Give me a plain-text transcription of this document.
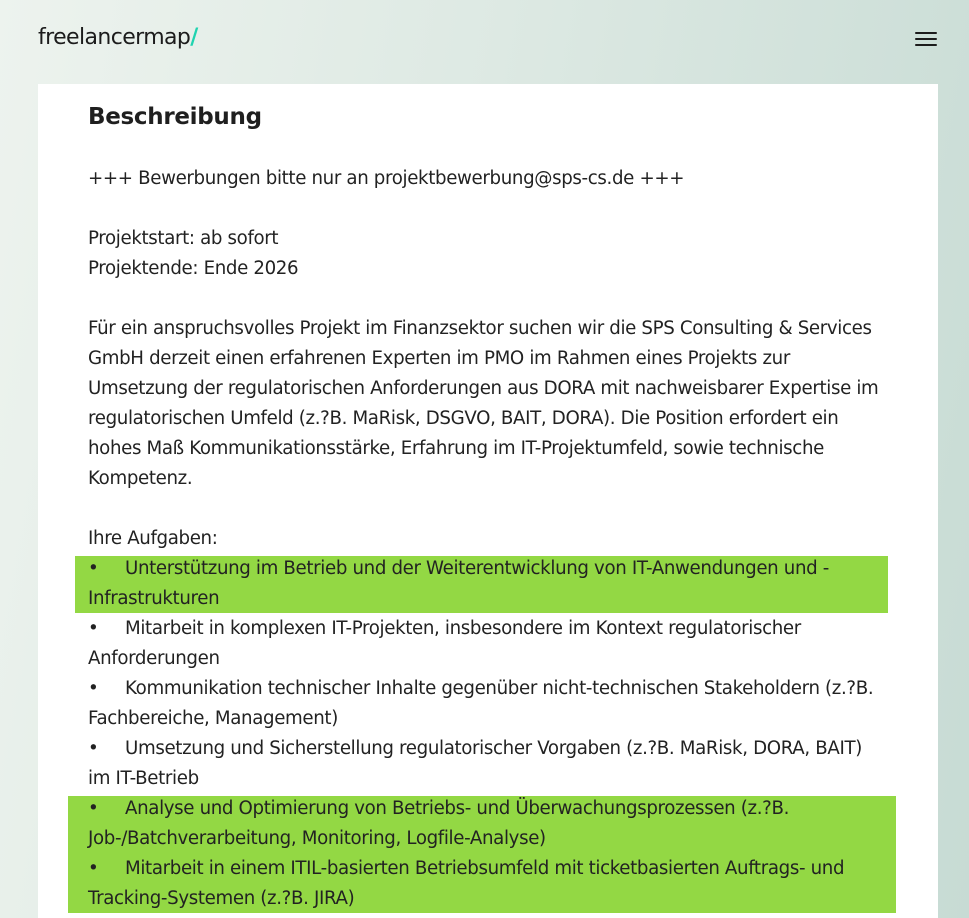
freelancermap/
Beschreibung

+++ Bewerbungen bitte nur an projektbewerbung@sps-cs.de +++

Projektstart: ab sofort

Projektende: Ende 2026

Für ein anspruchsvolles Projekt im Finanzsektor suchen wir die SPS Consulting & Services GmbH derzeit einen erfahrenen Experten im PMO im Rahmen eines Projekts zur Umsetzung der regulatorischen Anforderungen aus DORA mit nachweisbarer Expertise im regulatorischen Umfeld (z.?B. MaRisk, DSGVO, BAIT, DORA). Die Position erfordert ein hohes Maß Kommunikationsstärke, Erfahrung im IT-Projektumfeld, sowie technische Kompetenz.

Ihre Aufgaben:

• Unterstützung im Betrieb und der Weiterentwicklung von IT-Anwendungen und -Infrastrukturen

• Mitarbeit in komplexen IT-Projekten, insbesondere im Kontext regulatorischer Anforderungen

• Kommunikation technischer Inhalte gegenüber nicht-technischen Stakeholdern (z.?B. Fachbereiche, Management)

• Umsetzung und Sicherstellung regulatorischer Vorgaben (z.?B. MaRisk, DORA, BAIT) im IT-Betrieb

• Analyse und Optimierung von Betriebs- und Überwachungsprozessen (z.?B. Job-/Batchverarbeitung, Monitoring, Logfile-Analyse)

• Mitarbeit in einem ITIL-basierten Betriebsumfeld mit ticketbasierten Auftrags- und Tracking-Systemen (z.?B. JIRA)
